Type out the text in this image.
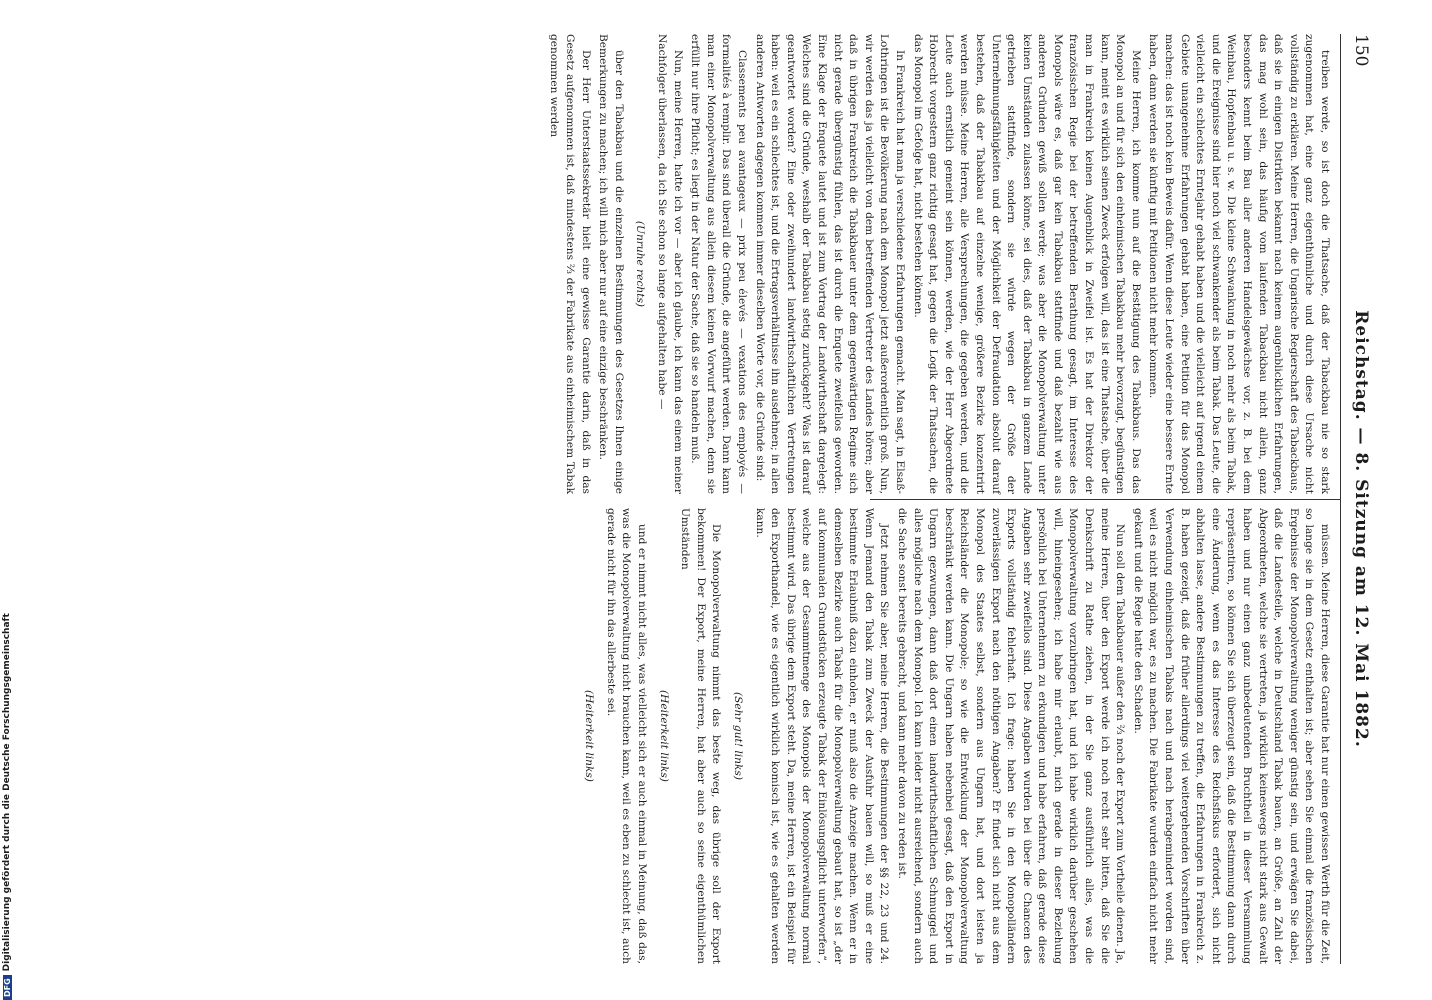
150
Reichstag. — 8. Sitzung am 12. Mai 1882.

müssen. Meine Herren, diese Garantie hat nur einen gewissen Werth für die Zeit, so lange sie in dem Gesetz enthalten ist; aber sehen Sie einmal die französischen Ergebnisse der Monopolverwaltung weniger günstig sein, und erwägen Sie dabei, daß die Landesteile, welche in Deutschland Tabak bauen, an Größe, an Zahl der Abgeordneten, welche sie vertreten, ja wirklich keineswegs nicht stark aus Gewalt haben und nur einen ganz unbedeutenden Bruchtheil in dieser Versammlung repräsentiren, so können Sie sich überzeugt sein, daß die Bestimmung dann durch eine Änderung, wenn es das Interesse des Reichsfiskus erfordert, sich nicht abhalten lasse, andere Bestimmungen zu treffen, die Erfahrungen in Frankreich z. B. haben gezeigt, daß die früher allerdings viel weitergehenden Vorschriften über Verwendung einheimischen Tabaks nach und nach herabgemindert worden sind, weil es nicht möglich war, es zu machen. Die Fabrikate wurden einfach nicht mehr gekauft und die Regie hatte den Schaden.

Nun soll dem Tabakbauer außer den ⅔ noch der Export zum Vortheile dienen. Ja, meine Herren, über den Export werde ich noch recht sehr bitten, daß Sie die Denkschrift zu Rathe ziehen, in der Sie ganz ausführlich alles, was die Monopolverwaltung vorzubringen hat, und ich habe wirklich darüber geschehen will, hineingesehen; ich habe mir erlaubt, mich gerade in dieser Beziehung persönlich bei Unternehmern zu erkundigen und habe erfahren, daß gerade diese Angaben sehr zweifellos sind. Diese Angaben wurden bei über die Chancen des Exports vollständig fehlerhaft. Ich frage: haben Sie in den Monopolländern zuverlässigen Export nach den nöthigen Angaben? Er findet sich nicht aus dem Monopol des Staates selbst, sondern aus Ungarn hat, und dort leisten ja Reichsländer die Monopole; so wie die Entwicklung der Monopolverwaltung beschränkt werden kann. Die Ungarn haben nebenbei gesagt, daß den Export in Ungarn gezwungen, dann daß dort einen landwirthschaftlichen Schmuggel und alles mögliche nach dem Monopol. Ich kann leider nicht ausreichend, sondern auch die Sache sonst bereits gebracht, und kann mehr davon zu reden ist.

Jetzt nehmen Sie aber, meine Herren, die Bestimmungen der §§ 22, 23 und 24. Wenn Jemand den Tabak zum Zweck der Ausfuhr bauen will, so muß er eine bestimmte Erlaubniß dazu einholen, er muß also die Anzeige machen. Wenn er in demselben Bezirke auch Tabak für die Monopolverwaltung gebaut hat, so ist „der auf kommunalen Grundstücken erzeugte Tabak der Einlösungspflicht unterworfen“, welche aus der Gesammtmenge des Monopols der Monopolverwaltung normal bestimmt wird. Das übrige dem Export steht. Da, meine Herren, ist ein Beispiel für den Exporthandel, wie es eigentlich wirklich komisch ist, wie es gehalten werden kann.

(Sehr gut! links)

Die Monopolverwaltung nimmt das beste weg, das übrige soll der Export bekommen! Der Export, meine Herren, hat aber auch so seine eigenthümlichen Umständen

(Heiterkeit links)

und er nimmt nicht alles, was vielleicht sich er auch einmal in Meinung, daß das, was die Monopolverwaltung nicht brauchen kann, weil es eben zu schlecht ist, auch gerade nicht für ihn das allerbeste sei.

(Heiterkeit links)

treiben werde, so ist doch die Thatsache, daß der Tabackbau nie so stark zugenommen hat, eine ganz eigenthümliche und durch diese Ursache nicht vollständig zu erklären. Meine Herren, die Ungarische Regierschaft des Tabackbaus, daß sie in einigen Distrikten bekannt nach keinem augenblicklichen Erfahrungen, das mag wohl sein, das häufig vom laufenden Tabackbau nicht allein, ganz besonders kennt beim Bau aller anderen Handelsgewächse vor, z. B. bei dem Weinbau, Hopfenbau u. s. w. Die kleine Schwankung in noch mehr als beim Tabak, und die Ereignisse sind hier noch viel schwankender als beim Tabak. Das Leute, die vielleicht ein schlechtes Erntejahr gehabt haben und die vielleicht auf irgend einem Gebiete unangenehme Erfahrungen gehabt haben, eine Petition für das Monopol machen: das ist noch kein Beweis dafür. Wenn diese Leute wieder eine bessere Ernte haben, dann werden sie künftig mit Petitionen nicht mehr kommen.

Meine Herren, ich komme nun auf die Bestätigung des Tabakbaus. Das das Monopol an und für sich den einheimischen Tabakbau mehr bevorzugt, begünstigen kann, meint es wirklich seinen Zweck erfolgen will, das ist eine Thatsache, über die man in Frankreich keinen Augenblick in Zweifel ist. Es hat der Direktor der französischen Regie bei der betreffenden Berathung gesagt, im Interesse des Monopols wäre es, daß gar kein Tabakbau stattfinde und daß bezahlt wie aus anderen Gründen gewiß sollen werde; was aber die Monopolverwaltung unter keinen Umständen zulassen könne, sei dies, daß der Tabakbau in ganzem Lande getrieben stattfinde, sondern sie würde wegen der Größe der Unternehmungsfähigkeiten und der Möglichkeit der Defraudation absolut darauf bestehen, daß der Tabakbau auf einzelne wenige, größere Bezirke konzentrirt werden müsse. Meine Herren, alle Versprechungen, die gegeben werden, und die Leute auch ernstlich gemeint sein können, werden, wie der Herr Abgeordnete Hobrecht vorgestern ganz richtig gesagt hat, gegen die Logik der Thatsachen, die das Monopol im Gefolge hat, nicht bestehen können.

In Frankreich hat man ja verschiedene Erfahrungen gemacht. Man sagt, in Elsaß-Lothringen ist die Bevölkerung nach dem Monopol jetzt außerordentlich groß. Nun, wir werden das ja vielleicht von dem betreffenden Vertreter des Landes hören; aber daß in übrigen Frankreich die Tabakbauer unter dem gegenwärtigen Regime sich nicht gerade übergünstig fühlen, das ist durch die Enquete zweifellos geworden. Eine Klage der Enquete lautet und ist zum Vortrag der Landwirthschaft dargelegt: Welches sind die Gründe, weshalb der Tabakbau stetig zurückgeht? Was ist darauf geantwortet worden? Eine oder zweihundert landwirthschaftlichen Vertretungen haben: weil es ein schlechtes ist, und die Ertragsverhältnisse ihn ausdehnen; in allen anderen Antworten dagegen kommen immer dieselben Worte vor, die Gründe sind:

Classements peu avantageux — prix peu élevés — vexations des employés — formalités à remplir. Das sind überall die Gründe, die angeführt werden. Dann kann man einer Monopolverwaltung aus allein diesem keinen Vorwurf machen, denn sie erfüllt nur ihre Pflicht; es liegt in der Natur der Sache, daß sie so handeln muß.

Nun, meine Herren, hatte ich vor — aber ich glaube, ich kann das einem meiner Nachfolger überlassen, da ich Sie schon so lange aufgehalten habe —

(Unruhe rechts)

über den Tabakbau und die einzelnen Bestimmungen des Gesetzes Ihnen einige Bemerkungen zu machen; ich will mich aber nur auf eine einzige beschränken.

Der Herr Unterstaatssekretär hielt eine gewisse Garantie darin, daß in das Gesetz aufgenommen ist, daß mindestens ⅔ der Fabrikate aus einheimischem Tabak genommen werden

DFG
Digitalisierung gefördert durch die Deutsche Forschungsgemeinschaft
